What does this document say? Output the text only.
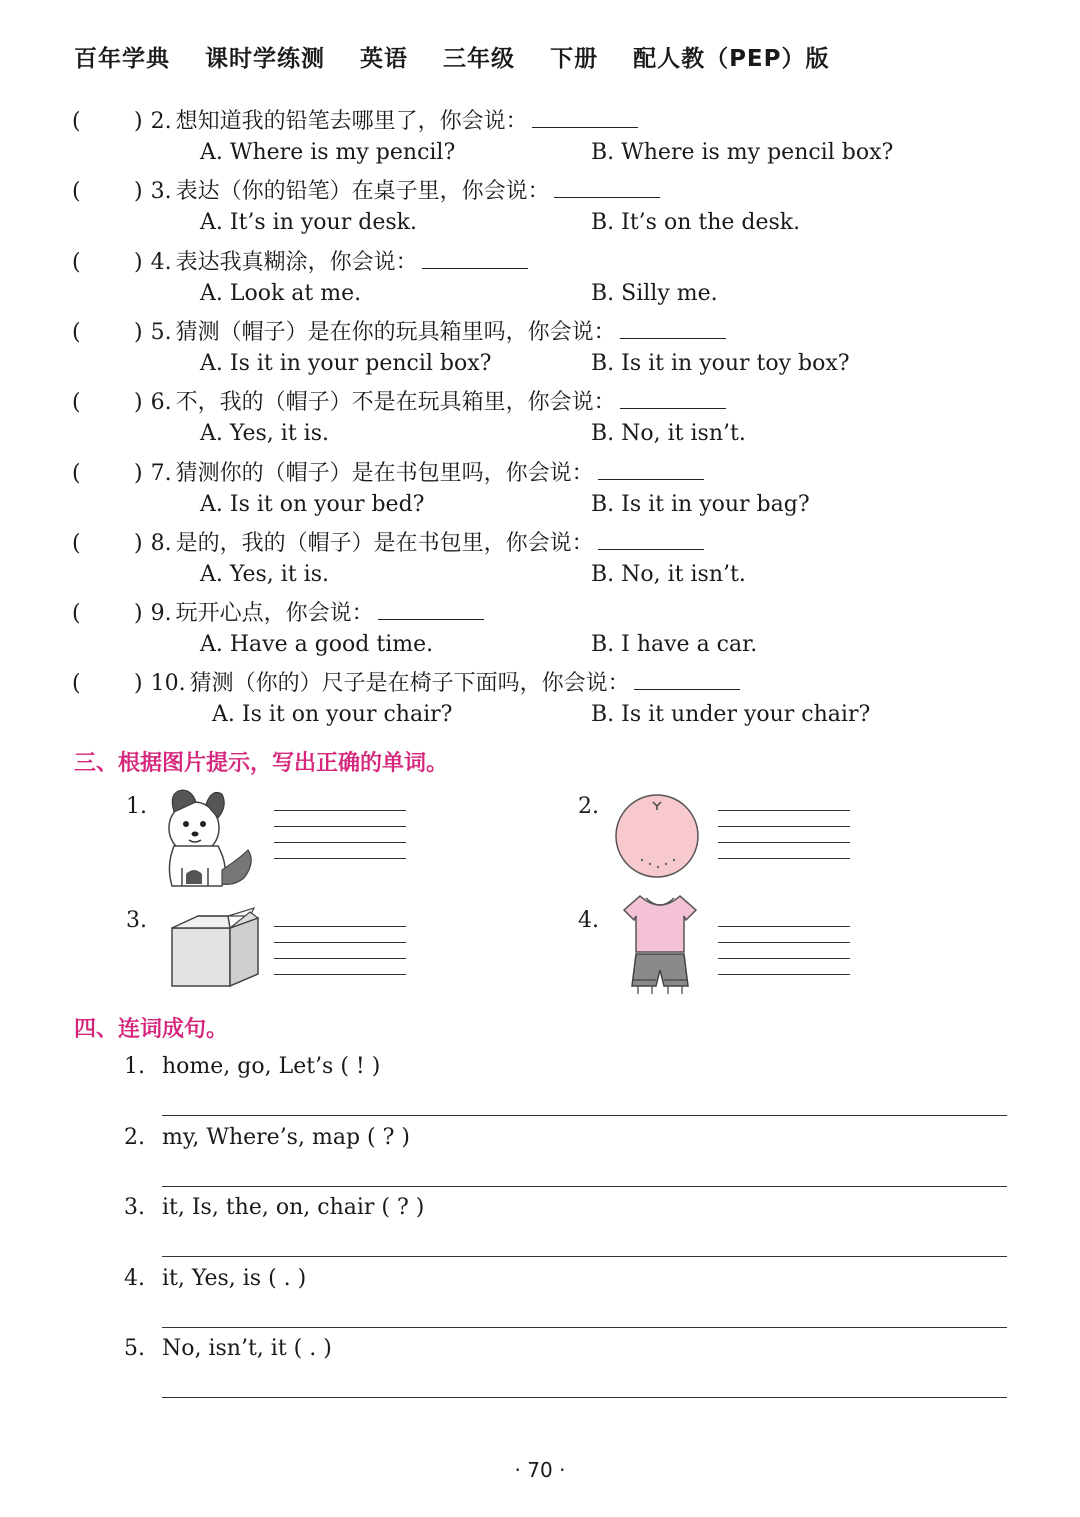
百年学典 课时学练测 英语 三年级 下册 配人教（PEP）版
( ) 2. 想知道我的铅笔去哪里了，你会说：
A. Where is my pencil?	B. Where is my pencil box?
( ) 3. 表达（你的铅笔）在桌子里，你会说：
A. It’s in your desk.	B. It’s on the desk.
( ) 4. 表达我真糊涂，你会说：
A. Look at me.	B. Silly me.
( ) 5. 猜测（帽子）是在你的玩具箱里吗，你会说：
A. Is it in your pencil box?	B. Is it in your toy box?
( ) 6. 不，我的（帽子）不是在玩具箱里，你会说：
A. Yes, it is.	B. No, it isn’t.
( ) 7. 猜测你的（帽子）是在书包里吗，你会说：
A. Is it on your bed?	B. Is it in your bag?
( ) 8. 是的，我的（帽子）是在书包里，你会说：
A. Yes, it is.	B. No, it isn’t.
( ) 9. 玩开心点，你会说：
A. Have a good time.	B. I have a car.
( ) 10. 猜测（你的）尺子是在椅子下面吗，你会说：
A. Is it on your chair?	B. Is it under your chair?
三、根据图片提示，写出正确的单词。
1.	2.
3.	4.
四、连词成句。
1. home, go, Let’s ( ! )
2. my, Where’s, map ( ? )
3. it, Is, the, on, chair ( ? )
4. it, Yes, is ( . )
5. No, isn’t, it ( . )
· 70 ·
